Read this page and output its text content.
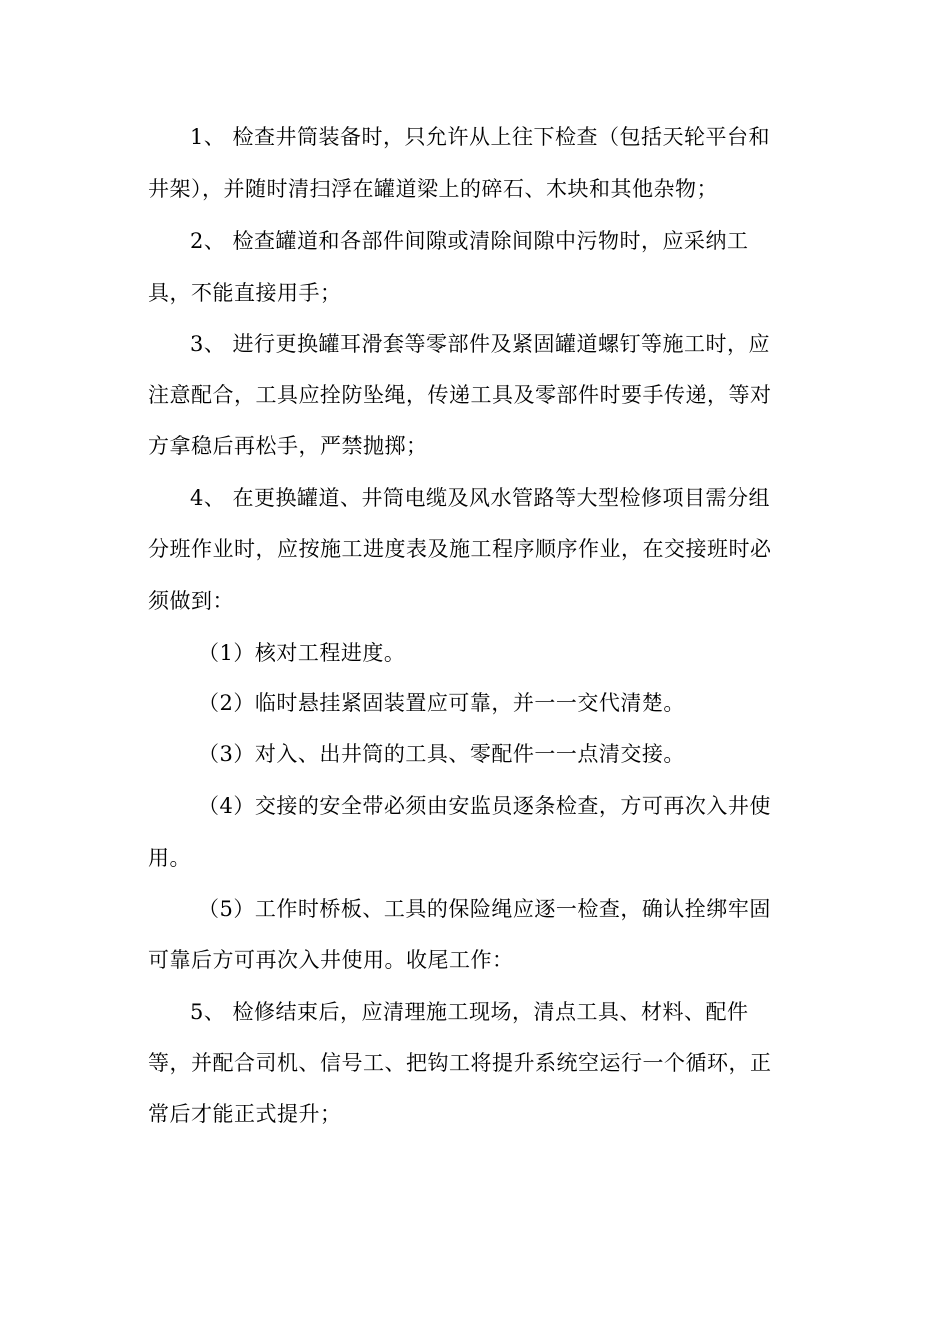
1、 检查井筒装备时，只允许从上往下检查（包括天轮平台和
井架），并随时清扫浮在罐道梁上的碎石、木块和其他杂物；
2、 检查罐道和各部件间隙或清除间隙中污物时，应采纳工
具，不能直接用手；
3、 进行更换罐耳滑套等零部件及紧固罐道螺钉等施工时，应
注意配合，工具应拴防坠绳，传递工具及零部件时要手传递，等对
方拿稳后再松手，严禁抛掷；
4、 在更换罐道、井筒电缆及风水管路等大型检修项目需分组
分班作业时，应按施工进度表及施工程序顺序作业，在交接班时必
须做到：
（1）核对工程进度。
（2）临时悬挂紧固装置应可靠，并一一交代清楚。
（3）对入、出井筒的工具、零配件一一点清交接。
（4）交接的安全带必须由安监员逐条检查，方可再次入井使
用。
（5）工作时桥板、工具的保险绳应逐一检查，确认拴绑牢固
可靠后方可再次入井使用。收尾工作：
5、 检修结束后，应清理施工现场，清点工具、材料、配件
等，并配合司机、信号工、把钩工将提升系统空运行一个循环，正
常后才能正式提升；
